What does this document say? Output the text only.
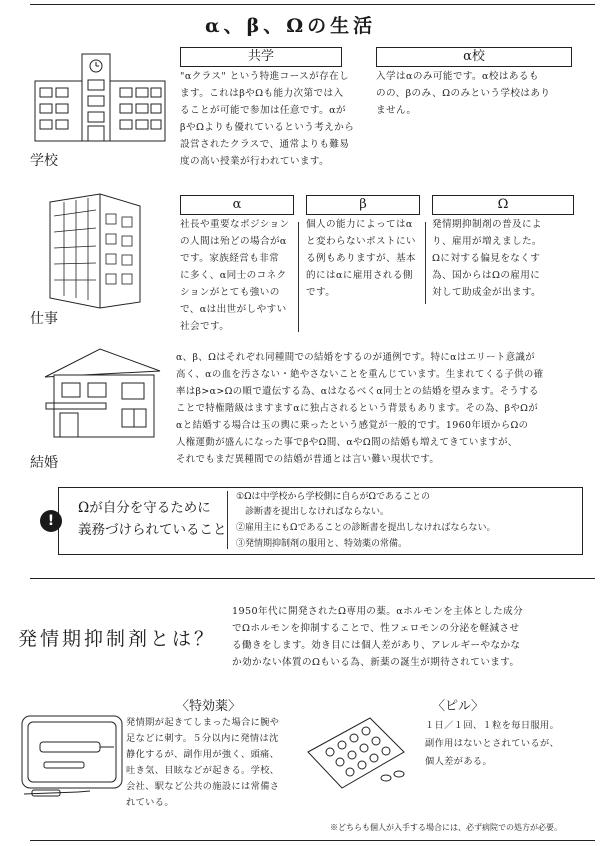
α、β、Ωの生活
学校
共学

"αクラス" という特進コースが存在し
ます。これはβやΩも能力次第では入
ることが可能で参加は任意です。αが
βやΩよりも優れているという考えから
設営されたクラスで、通常よりも難易
度の高い授業が行われています。

α校

入学はαのみ可能です。α校はあるも
のの、βのみ、Ωのみという学校はあり
ません。

仕事
α

社長や重要なポジション
の人間は殆どの場合がα
です。家族経営も非常
に多く、α同士のコネク
ションがとても強いの
で、αは出世がしやすい
社会です。

β

個人の能力によってはα
と変わらないポストにい
る例もありますが、基本
的にはαに雇用される側
です。

Ω

発情期抑制剤の普及によ
り、雇用が増えました。
Ωに対する偏見をなくす
為、国からはΩの雇用に
対して助成金が出ます。

結婚

α、β、Ωはそれぞれ同種間での結婚をするのが通例です。特にαはエリート意識が
高く、αの血を汚さない・絶やさないことを重んじています。生まれてくる子供の確
率はβ>α>Ωの順で遺伝する為、αはなるべくα同士との結婚を望みます。そうする
ことで特権階級はますますαに独占されるという背景もあります。その為、βやΩが
αと結婚する場合は玉の輿に乗ったという感覚が一般的です。1960年頃からΩの
人権運動が盛んになった事でβやΩ間、αやΩ間の結婚も増えてきていますが、
それでもまだ異種間での結婚が普通とは言い難い現状です。

!

Ωが自分を守るために
義務づけられていること

①Ωは中学校から学校側に自らがΩであることの
　診断書を提出しなければならない。
②雇用主にもΩであることの診断書を提出しなければならない。
③発情期抑制剤の服用と、特効薬の常備。
発情期抑制剤とは？

1950年代に開発されたΩ専用の薬。αホルモンを主体とした成分
でΩホルモンを抑制することで、性フェロモンの分泌を軽減させ
る働きをします。効き目には個人差があり、アレルギーやなかな
か効かない体質のΩもいる為、新薬の誕生が期待されています。

〈特効薬〉

発情期が起きてしまった場合に腕や
足などに刺す。５分以内に発情は沈
静化するが、副作用が強く、頭痛、
吐き気、目眩などが起きる。学校、
会社、駅など公共の施設には常備さ
れている。

〈ピル〉

１日／１回、１粒を毎日服用。
副作用はないとされているが、
個人差がある。

※どちらも個人が入手する場合には、必ず病院での処方が必要。
